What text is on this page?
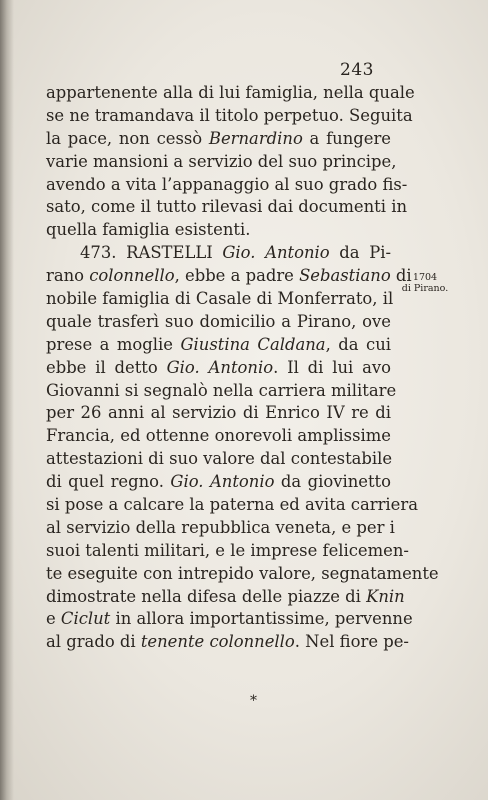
243
appartenente alla di lui famiglia, nella quale
se ne tramandava il titolo perpetuo. Seguita
la pace, non cessò Bernardino a fungere
varie mansioni a servizio del suo principe,
avendo a vita l’appanaggio al suo grado fis-
sato, come il tutto rilevasi dai documenti in
quella famiglia esistenti.
473. RASTELLI Gio. Antonio da Pi-
rano colonnello, ebbe a padre Sebastiano di
nobile famiglia di Casale di Monferrato, il
quale trasferì suo domicilio a Pirano, ove
prese a moglie Giustina Caldana, da cui
ebbe il detto Gio. Antonio. Il di lui avo
Giovanni si segnalò nella carriera militare
per 26 anni al servizio di Enrico IV re di
Francia, ed ottenne onorevoli amplissime
attestazioni di suo valore dal contestabile
di quel regno. Gio. Antonio da giovinetto
si pose a calcare la paterna ed avita carriera
al servizio della repubblica veneta, e per i
suoi talenti militari, e le imprese felicemen-
te eseguite con intrepido valore, segnatamente
dimostrate nella difesa delle piazze di Knin
e Ciclut in allora importantissime, pervenne
al grado di tenente colonnello. Nel fiore pe-
1704
di Pirano.
*
